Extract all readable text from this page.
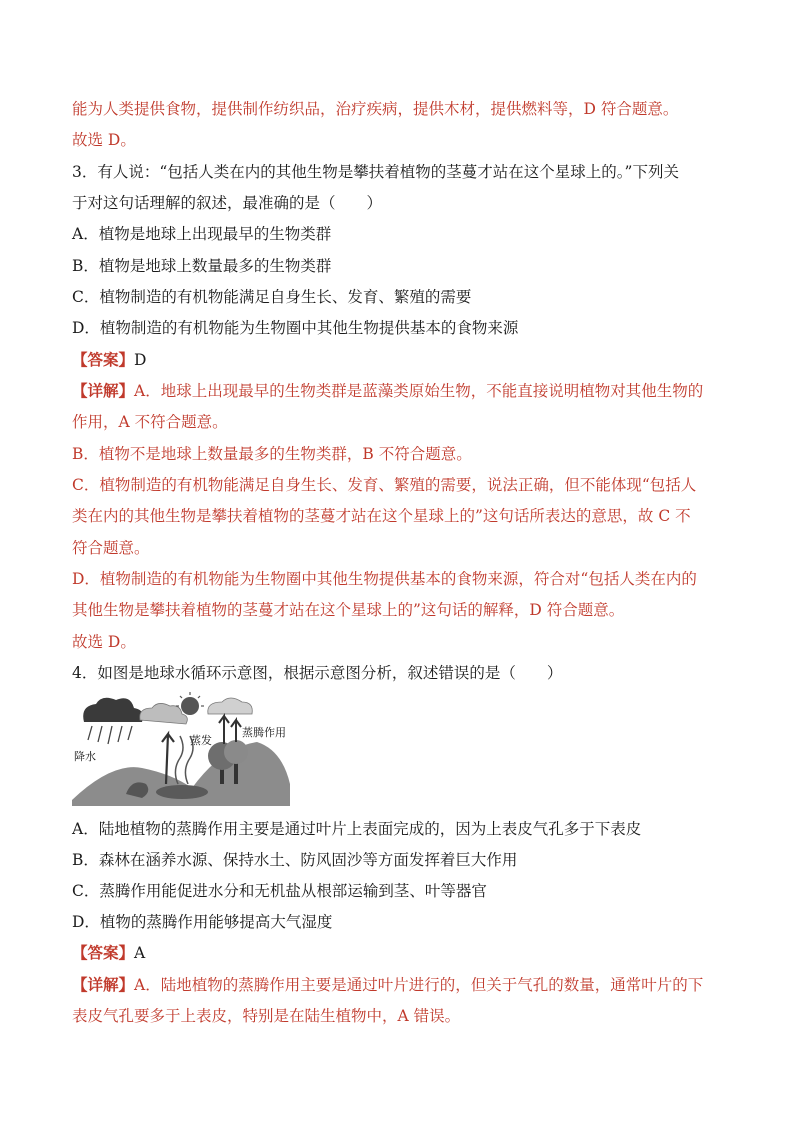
能为人类提供食物，提供制作纺织品，治疗疾病，提供木材，提供燃料等，D 符合题意。
故选 D。
3．有人说：“包括人类在内的其他生物是攀扶着植物的茎蔓才站在这个星球上的。”下列关
于对这句话理解的叙述，最准确的是（　　）
A．植物是地球上出现最早的生物类群
B．植物是地球上数量最多的生物类群
C．植物制造的有机物能满足自身生长、发育、繁殖的需要
D．植物制造的有机物能为生物圈中其他生物提供基本的食物来源
【答案】D
【详解】A．地球上出现最早的生物类群是蓝藻类原始生物，不能直接说明植物对其他生物的
作用，A 不符合题意。
B．植物不是地球上数量最多的生物类群，B 不符合题意。
C．植物制造的有机物能满足自身生长、发育、繁殖的需要，说法正确，但不能体现“包括人
类在内的其他生物是攀扶着植物的茎蔓才站在这个星球上的”这句话所表达的意思，故 C 不
符合题意。
D．植物制造的有机物能为生物圈中其他生物提供基本的食物来源，符合对“包括人类在内的
其他生物是攀扶着植物的茎蔓才站在这个星球上的”这句话的解释，D 符合题意。
故选 D。
4．如图是地球水循环示意图，根据示意图分析，叙述错误的是（　　）
降水
蒸发
蒸腾作用
A．陆地植物的蒸腾作用主要是通过叶片上表面完成的，因为上表皮气孔多于下表皮
B．森林在涵养水源、保持水土、防风固沙等方面发挥着巨大作用
C．蒸腾作用能促进水分和无机盐从根部运输到茎、叶等器官
D．植物的蒸腾作用能够提高大气湿度
【答案】A
【详解】A．陆地植物的蒸腾作用主要是通过叶片进行的，但关于气孔的数量，通常叶片的下
表皮气孔要多于上表皮，特别是在陆生植物中，A 错误。
